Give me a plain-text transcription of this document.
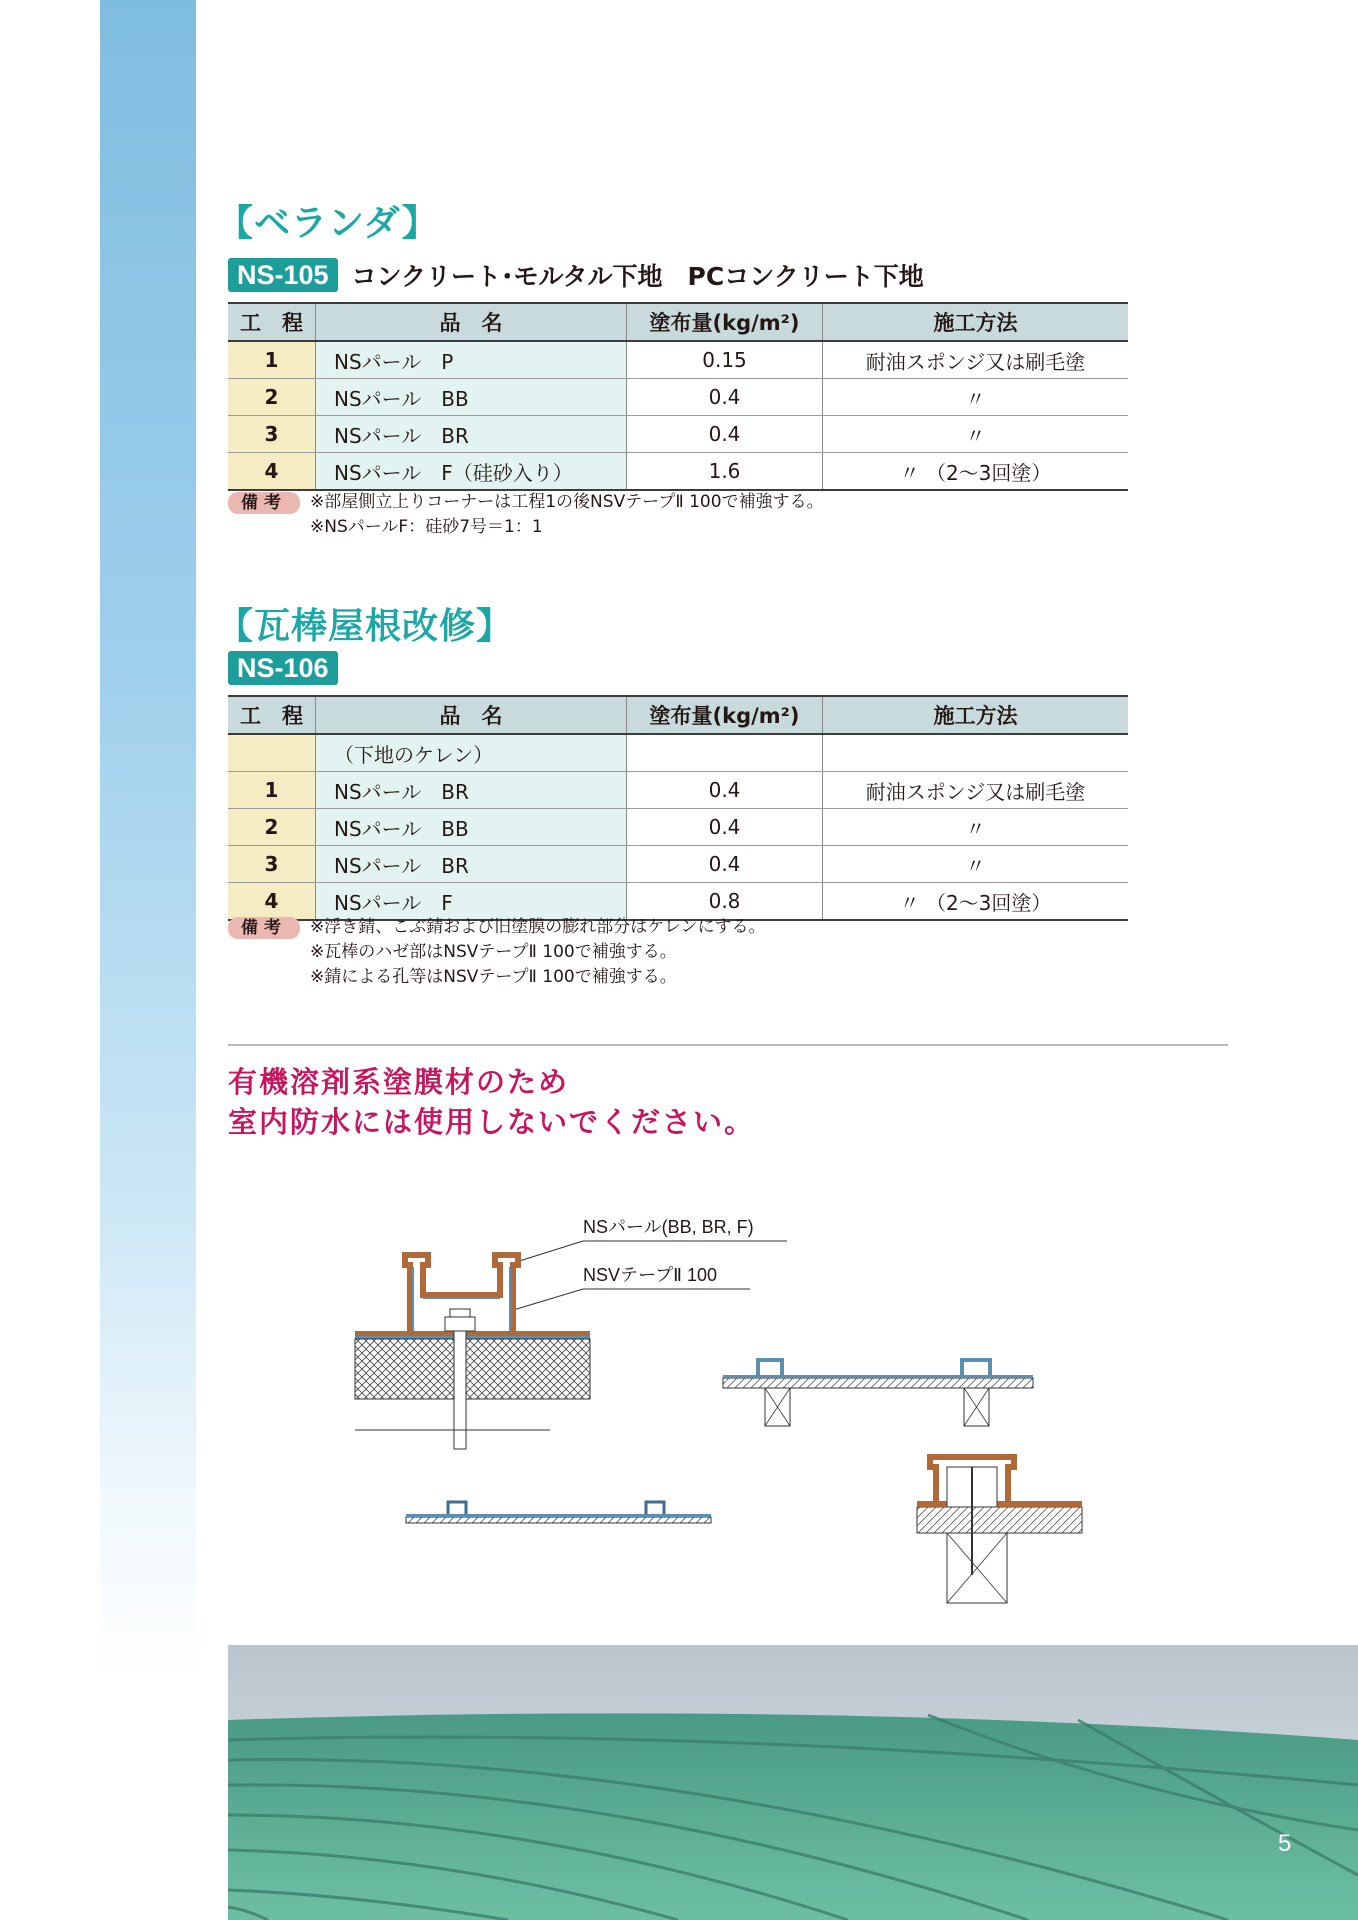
【ベランダ】
NS-105 コンクリート･モルタル下地　PCコンクリート下地
工　程	品　名	塗布量(kg/m²)	施工方法
1	NSパール　P	0.15	耐油スポンジ又は刷毛塗
2	NSパール　BB	0.4	〃
3	NSパール　BR	0.4	〃
4	NSパール　F（硅砂入り）	1.6	〃 （2〜3回塗）
備考	※部屋側立上りコーナーは工程1の後NSVテープⅡ 100で補強する。
※NSパールF：硅砂7号＝1：1
【瓦棒屋根改修】
NS-106
工　程	品　名	塗布量(kg/m²)	施工方法
	（下地のケレン）		
1	NSパール　BR	0.4	耐油スポンジ又は刷毛塗
2	NSパール　BB	0.4	〃
3	NSパール　BR	0.4	〃
4	NSパール　F	0.8	〃 （2〜3回塗）
備考	※浮き錆、こぶ錆および旧塗膜の膨れ部分はケレンにする。
※瓦棒のハゼ部はNSVテープⅡ 100で補強する。
※錆による孔等はNSVテープⅡ 100で補強する。
有機溶剤系塗膜材のため
室内防水には使用しないでください。
NSパール(BB, BR, F)
NSVテープⅡ 100
5
